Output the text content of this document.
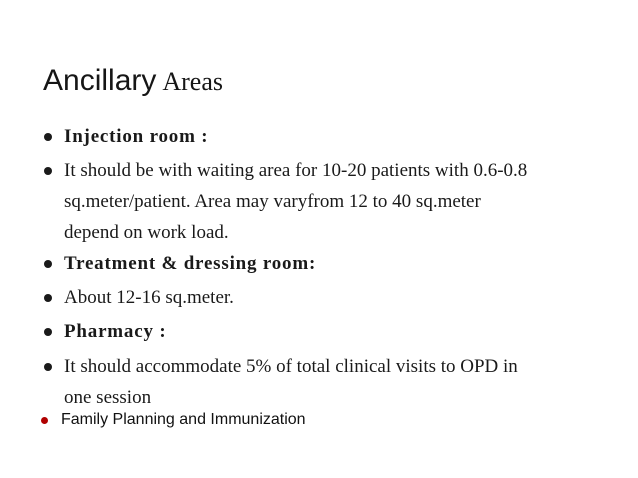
Ancillary Areas
Injection room :
It should be with waiting area for 10-20 patients with 0.6-0.8
sq.meter/patient. Area may varyfrom 12 to 40 sq.meter
depend on work load.
Treatment & dressing room:
About 12-16 sq.meter.
Pharmacy :
It should accommodate 5% of total clinical visits to OPD in
one session
Family Planning and Immunization
